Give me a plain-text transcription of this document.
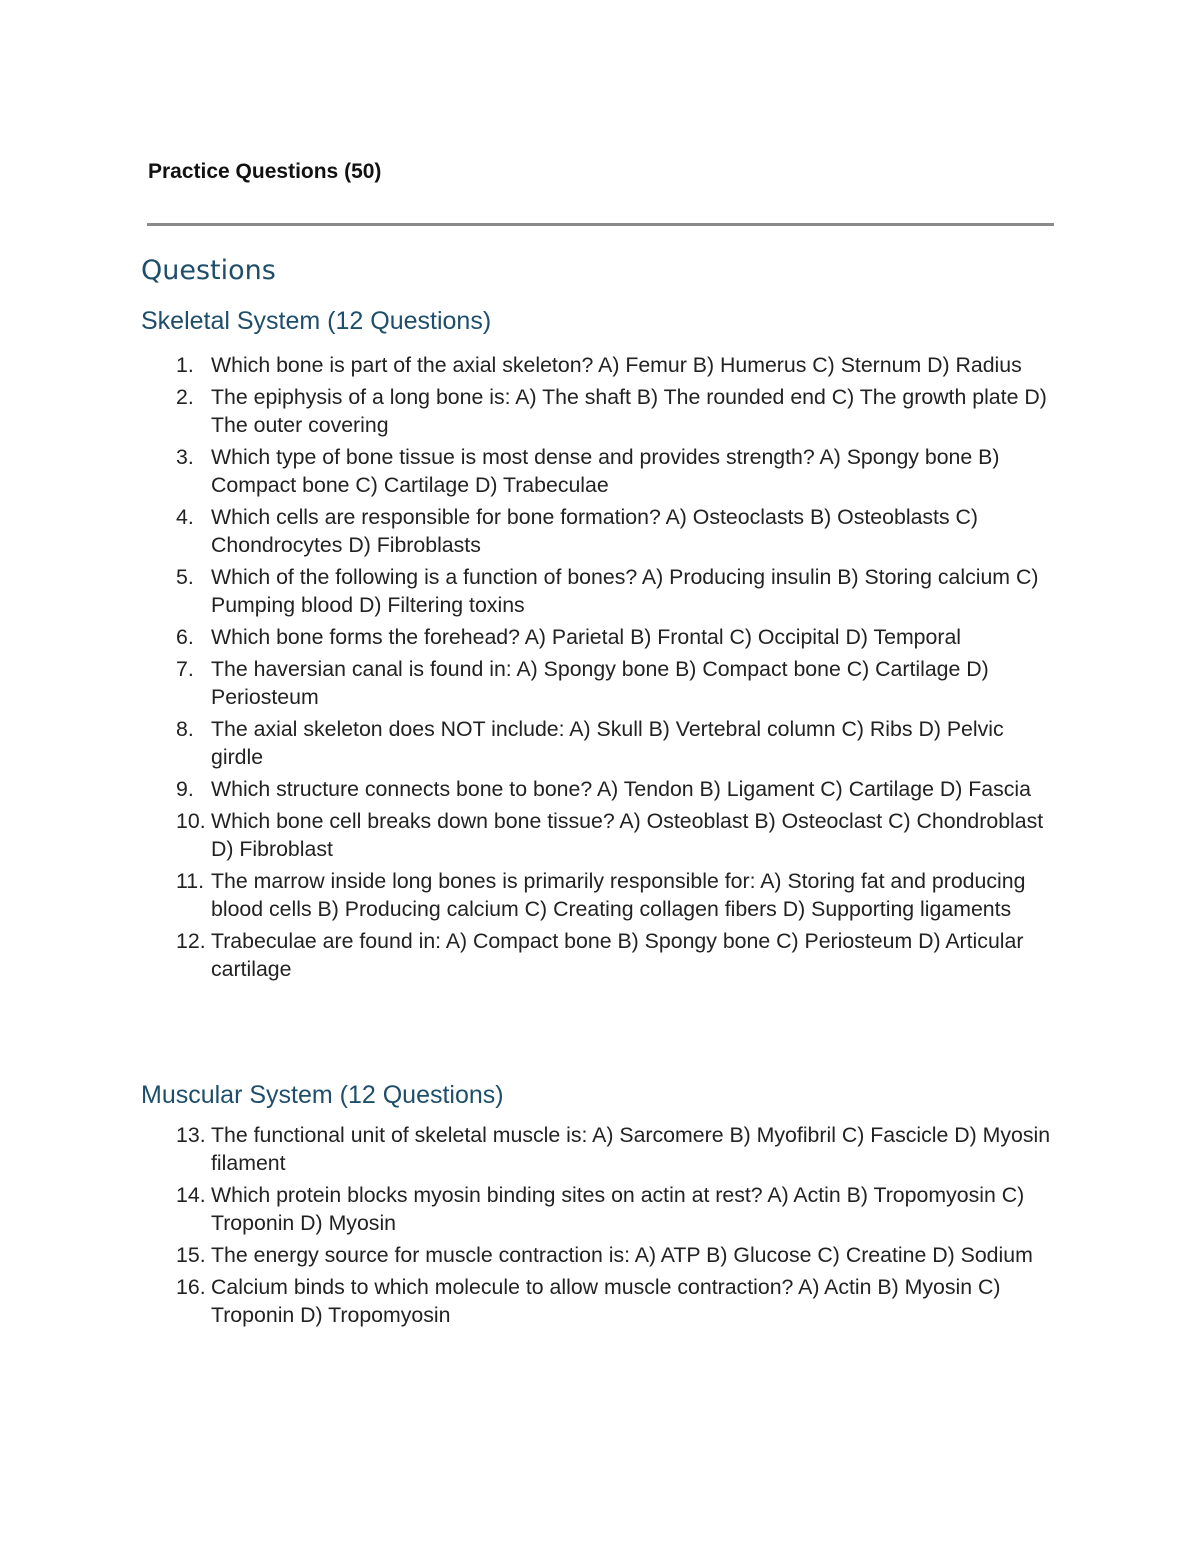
Practice Questions (50)
Questions
Skeletal System (12 Questions)
1. Which bone is part of the axial skeleton? A) Femur B) Humerus C) Sternum D) Radius
2. The epiphysis of a long bone is: A) The shaft B) The rounded end C) The growth plate D) The outer covering
3. Which type of bone tissue is most dense and provides strength? A) Spongy bone B) Compact bone C) Cartilage D) Trabeculae
4. Which cells are responsible for bone formation? A) Osteoclasts B) Osteoblasts C) Chondrocytes D) Fibroblasts
5. Which of the following is a function of bones? A) Producing insulin B) Storing calcium C) Pumping blood D) Filtering toxins
6. Which bone forms the forehead? A) Parietal B) Frontal C) Occipital D) Temporal
7. The haversian canal is found in: A) Spongy bone B) Compact bone C) Cartilage D) Periosteum
8. The axial skeleton does NOT include: A) Skull B) Vertebral column C) Ribs D) Pelvic girdle
9. Which structure connects bone to bone? A) Tendon B) Ligament C) Cartilage D) Fascia
10. Which bone cell breaks down bone tissue? A) Osteoblast B) Osteoclast C) Chondroblast D) Fibroblast
11. The marrow inside long bones is primarily responsible for: A) Storing fat and producing blood cells B) Producing calcium C) Creating collagen fibers D) Supporting ligaments
12. Trabeculae are found in: A) Compact bone B) Spongy bone C) Periosteum D) Articular cartilage
Muscular System (12 Questions)
13. The functional unit of skeletal muscle is: A) Sarcomere B) Myofibril C) Fascicle D) Myosin filament
14. Which protein blocks myosin binding sites on actin at rest? A) Actin B) Tropomyosin C) Troponin D) Myosin
15. The energy source for muscle contraction is: A) ATP B) Glucose C) Creatine D) Sodium
16. Calcium binds to which molecule to allow muscle contraction? A) Actin B) Myosin C) Troponin D) Tropomyosin
